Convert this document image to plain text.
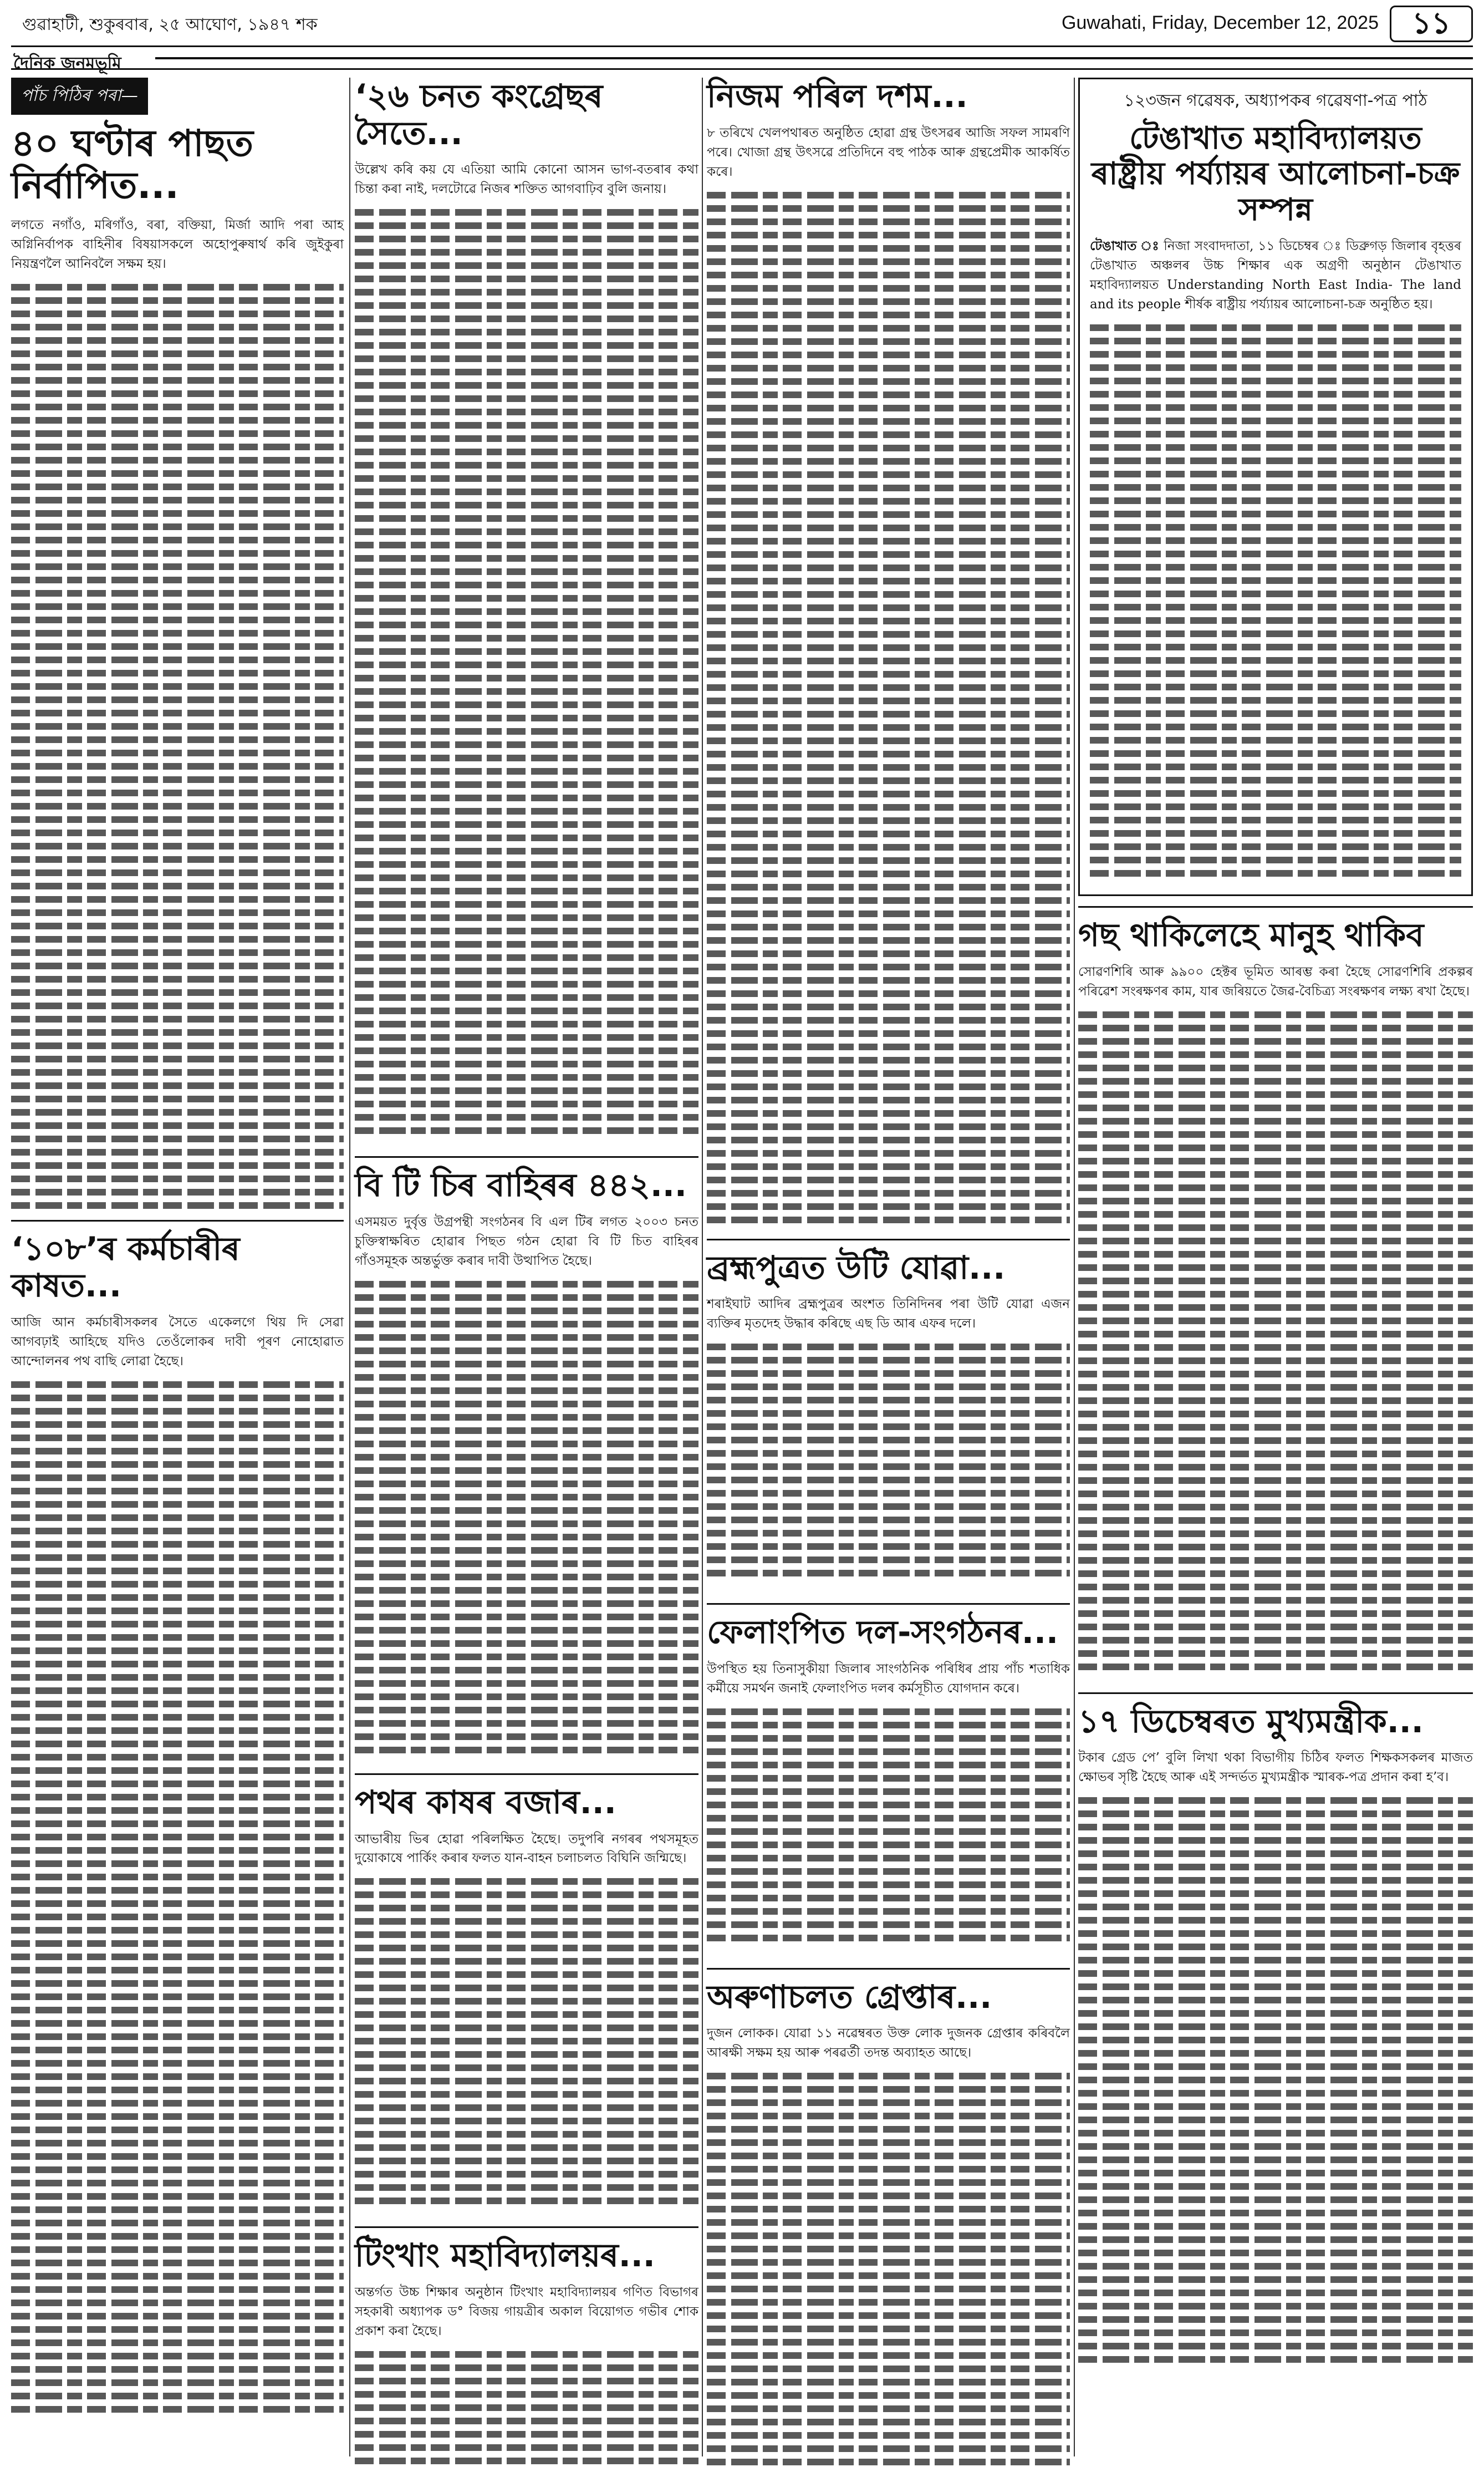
গুৱাহাটী, শুকুৰবাৰ, ২৫ আঘোণ, ১৯৪৭ শক	Guwahati, Friday, December 12, 2025	১১
দৈনিক জনমভূমি
পাঁচ পিঠিৰ পৰা—
৪০ ঘণ্টাৰ পাছত নিৰ্বাপিত...

লগতে নগাঁও, মৰিগাঁও, বৰা, বক্তিয়া, মিৰ্জা আদি পৰা আহ অগ্নিনিৰ্বাপক বাহিনীৰ বিষয়াসকলে অহোপুৰুষাৰ্থ কৰি জুইকুৰা নিয়ন্ত্ৰণলৈ আনিবলৈ সক্ষম হয়।

‘১০৮’ৰ কৰ্মচাৰীৰ কাষত...

আজি আন কৰ্মচাৰীসকলৰ সৈতে একেলগে থিয় দি সেৱা আগবঢ়াই আহিছে যদিও তেওঁলোকৰ দাবী পূৰণ নোহোৱাত আন্দোলনৰ পথ বাছি লোৱা হৈছে।

‘২৬ চনত কংগ্ৰেছৰ সৈতে...

উল্লেখ কৰি কয় যে এতিয়া আমি কোনো আসন ভাগ-বতৰাৰ কথা চিন্তা কৰা নাই, দলটোৱে নিজৰ শক্তিত আগবাঢ়িব বুলি জনায়।

বি টি চিৰ বাহিৰৰ ৪৪২...

এসময়ত দুৰ্বৃত্ত উগ্ৰপন্থী সংগঠনৰ বি এল টিৰ লগত ২০০৩ চনত চুক্তিস্বাক্ষৰিত হোৱাৰ পিছত গঠন হোৱা বি টি চিত বাহিৰৰ গাঁওসমূহক অন্তৰ্ভুক্ত কৰাৰ দাবী উত্থাপিত হৈছে।

পথৰ কাষৰ বজাৰ...

আভাৰীয় ভিৰ হোৱা পৰিলক্ষিত হৈছে। তদুপৰি নগৰৰ পথসমূহত দুয়োকাষে পাৰ্কিং কৰাৰ ফলত যান-বাহন চলাচলত বিঘিনি জন্মিছে।

টিংখাং মহাবিদ্যালয়ৰ...

অন্তৰ্গত উচ্চ শিক্ষাৰ অনুষ্ঠান টিংখাং মহাবিদ্যালয়ৰ গণিত বিভাগৰ সহকাৰী অধ্যাপক ড° বিজয় গায়ত্ৰীৰ অকাল বিয়োগত গভীৰ শোক প্ৰকাশ কৰা হৈছে।

নিজম পৰিল দশম...

৮ তৰিখে খেলপথাৰত অনুষ্ঠিত হোৱা গ্ৰন্থ উৎসৱৰ আজি সফল সামৰণি পৰে। খোজা গ্ৰন্থ উৎসৱে প্ৰতিদিনে বহু পাঠক আৰু গ্ৰন্থপ্ৰেমীক আকৰ্ষিত কৰে।

ব্ৰহ্মপুত্ৰত উটি যোৱা...

শৰাইঘাট আদিৰ ব্ৰহ্মপুত্ৰৰ অংশত তিনিদিনৰ পৰা উটি যোৱা এজন ব্যক্তিৰ মৃতদেহ উদ্ধাৰ কৰিছে এছ ডি আৰ এফৰ দলে।

ফেলাংপিত দল-সংগঠনৰ...

উপস্থিত হয় তিনাসুকীয়া জিলাৰ সাংগঠনিক পৰিধিৰ প্ৰায় পাঁচ শতাধিক কৰ্মীয়ে সমৰ্থন জনাই ফেলাংপিত দলৰ কৰ্মসূচীত যোগদান কৰে।

অৰুণাচলত গ্ৰেপ্তাৰ...

দুজন লোকক। যোৱা ১১ নৱেম্বৰত উক্ত লোক দুজনক গ্ৰেপ্তাৰ কৰিবলৈ আৰক্ষী সক্ষম হয় আৰু পৰৱৰ্তী তদন্ত অব্যাহত আছে।

১২৩জন গৱেষক, অধ্যাপকৰ গৱেষণা-পত্ৰ পাঠ
টেঙাখাত মহাবিদ্যালয়ত ৰাষ্ট্ৰীয় পৰ্য্যায়ৰ আলোচনা-চক্ৰ সম্পন্ন

টেঙাখাত ঃ নিজা সংবাদদাতা, ১১ ডিচেম্বৰ ঃ ডিব্ৰুগড় জিলাৰ বৃহত্তৰ টেঙাখাত অঞ্চলৰ উচ্চ শিক্ষাৰ এক অগ্ৰণী অনুষ্ঠান টেঙাখাত মহাবিদ্যালয়ত Understanding North East India- The land and its people শীৰ্ষক ৰাষ্ট্ৰীয় পৰ্য্যায়ৰ আলোচনা-চক্ৰ অনুষ্ঠিত হয়।

গছ থাকিলেহে মানুহ থাকিব

সোৱণশিৰি আৰু ৯৯০০ হেক্টৰ ভূমিত আৰম্ভ কৰা হৈছে সোৱণশিৰি প্ৰকল্পৰ পৰিৱেশ সংৰক্ষণৰ কাম, যাৰ জৰিয়তে জৈৱ-বৈচিত্ৰ্য সংৰক্ষণৰ লক্ষ্য ৰখা হৈছে।

১৭ ডিচেম্বৰত মুখ্যমন্ত্ৰীক...

টকাৰ গ্ৰেড পে’ বুলি লিখা থকা বিভাগীয় চিঠিৰ ফলত শিক্ষকসকলৰ মাজত ক্ষোভৰ সৃষ্টি হৈছে আৰু এই সন্দৰ্ভত মুখ্যমন্ত্ৰীক স্মাৰক-পত্ৰ প্ৰদান কৰা হ’ব।
